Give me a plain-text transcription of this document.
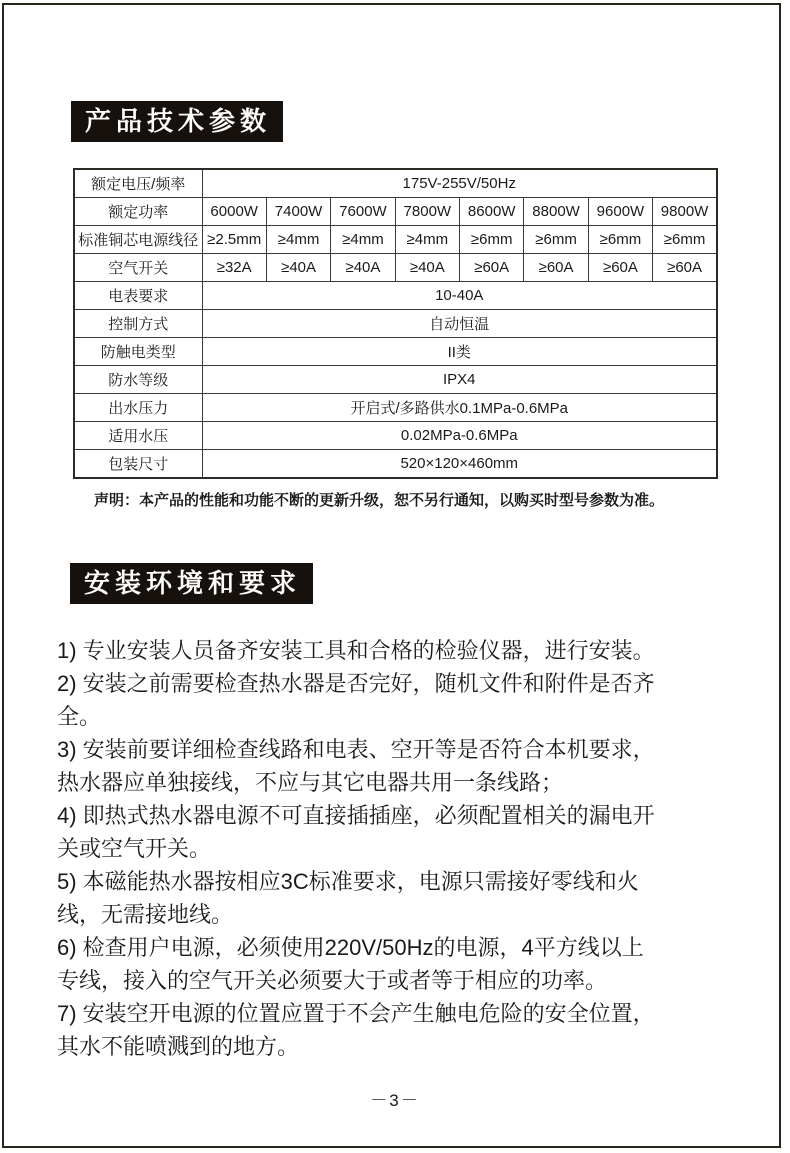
产品技术参数
额定电压/频率	175V-255V/50Hz							
额定功率	6000W	7400W	7600W	7800W	8600W	8800W	9600W	9800W
标准铜芯电源线径	≥2.5mm	≥4mm	≥4mm	≥4mm	≥6mm	≥6mm	≥6mm	≥6mm
空气开关	≥32A	≥40A	≥40A	≥40A	≥60A	≥60A	≥60A	≥60A
电表要求	10-40A							
控制方式	自动恒温							
防触电类型	II类							
防水等级	IPX4							
出水压力	开启式/多路供水0.1MPa-0.6MPa							
适用水压	0.02MPa-0.6MPa							
包装尺寸	520×120×460mm							
声明：本产品的性能和功能不断的更新升级，恕不另行通知，以购买时型号参数为准。
安装环境和要求

1) 专业安装人员备齐安装工具和合格的检验仪器，进行安装。

2) 安装之前需要检查热水器是否完好，随机文件和附件是否齐全。

3) 安装前要详细检查线路和电表、空开等是否符合本机要求，热水器应单独接线，不应与其它电器共用一条线路；

4) 即热式热水器电源不可直接插插座，必须配置相关的漏电开关或空气开关。

5) 本磁能热水器按相应3C标准要求，电源只需接好零线和火线，无需接地线。

6) 检查用户电源，必须使用220V/50Hz的电源，4平方线以上专线，接入的空气开关必须要大于或者等于相应的功率。

7) 安装空开电源的位置应置于不会产生触电危险的安全位置，其水不能喷溅到的地方。

－3－
